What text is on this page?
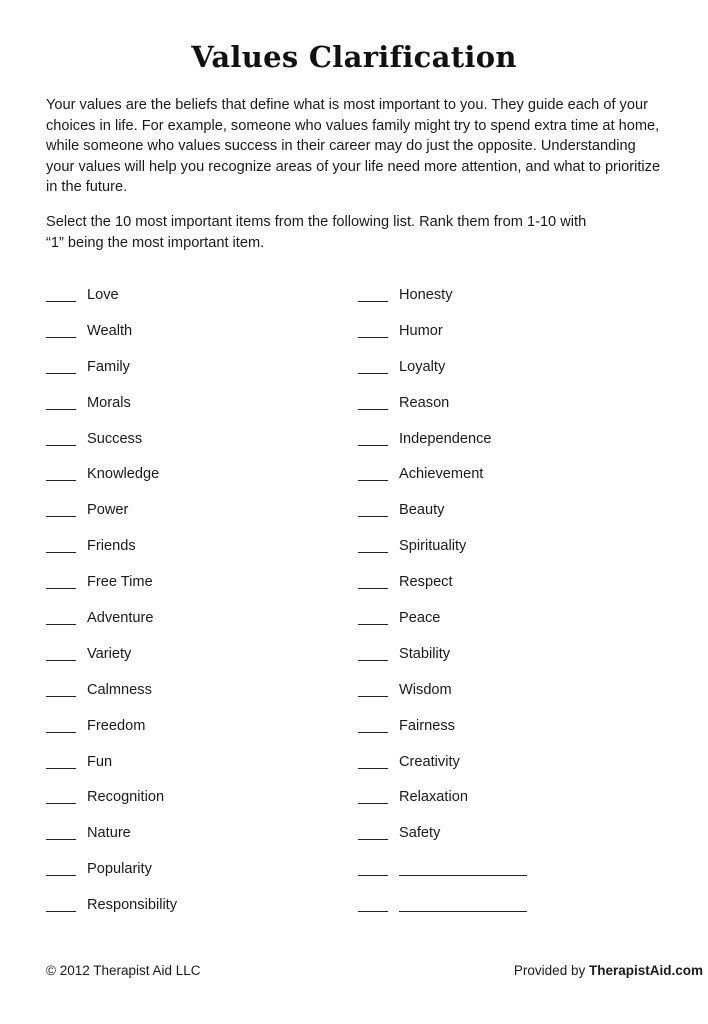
Values Clarification

Your values are the beliefs that define what is most important to you. They guide each of your choices in life. For example, someone who values family might try to spend extra time at home, while someone who values success in their career may do just the opposite. Understanding your values will help you recognize areas of your life need more attention, and what to prioritize in the future.

Select the 10 most important items from the following list. Rank them from 1-10 with “1” being the most important item.

Love
Wealth
Family
Morals
Success
Knowledge
Power
Friends
Free Time
Adventure
Variety
Calmness
Freedom
Fun
Recognition
Nature
Popularity
Responsibility
Honesty
Humor
Loyalty
Reason
Independence
Achievement
Beauty
Spirituality
Respect
Peace
Stability
Wisdom
Fairness
Creativity
Relaxation
Safety
© 2012 Therapist Aid LLC	Provided by TherapistAid.com
